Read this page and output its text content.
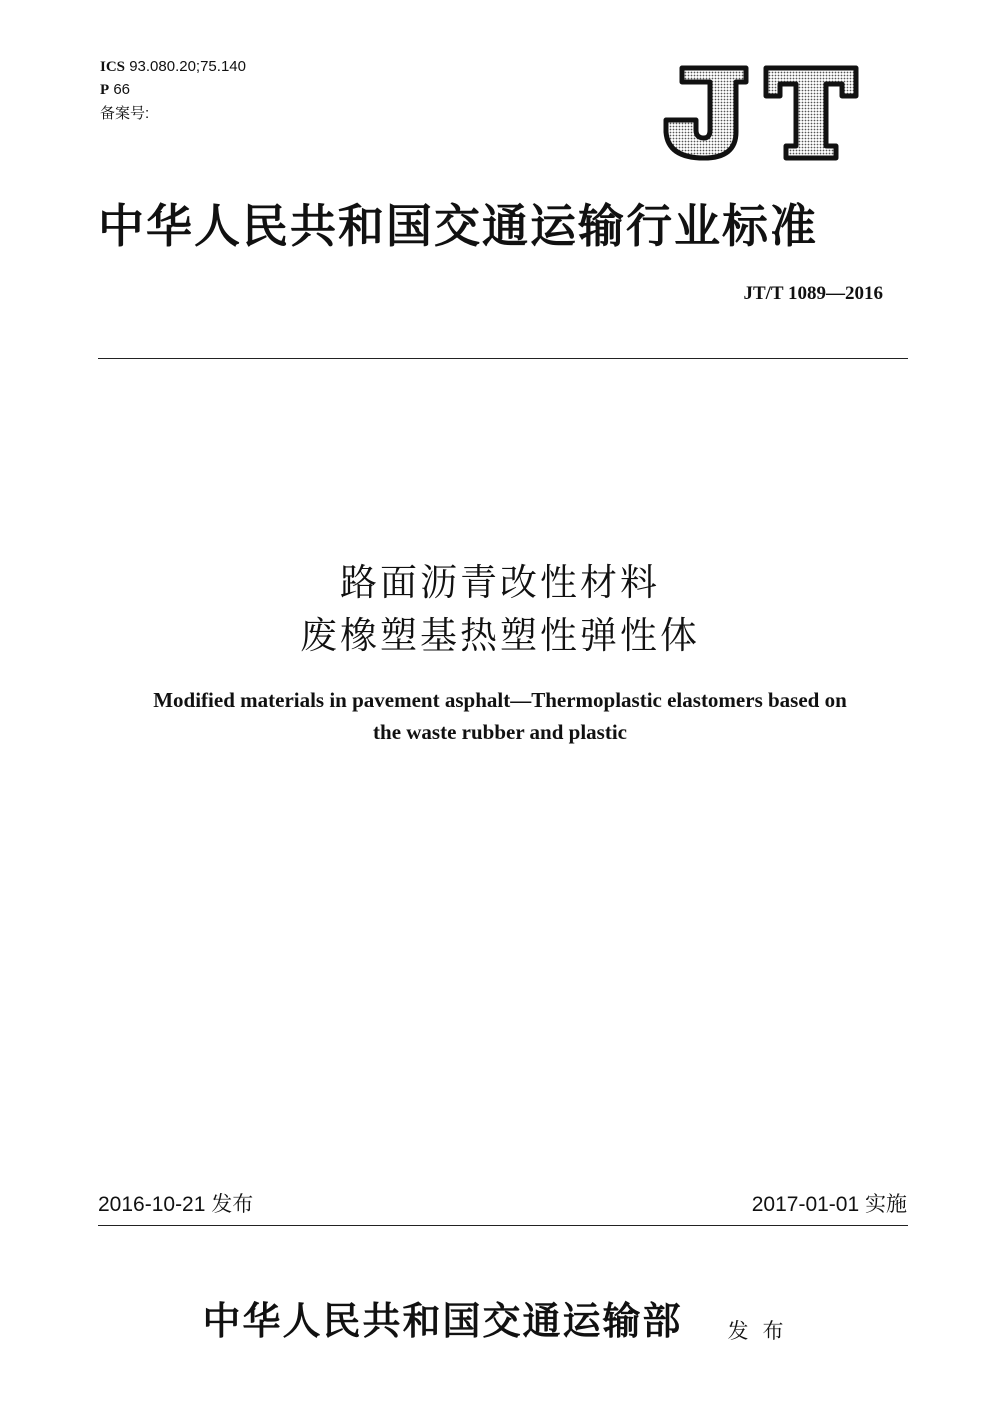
ICS 93.080.20;75.140
P 66
备案号:
JT
中华人民共和国交通运输行业标准
JT/T 1089—2016
路面沥青改性材料
废橡塑基热塑性弹性体
Modified materials in pavement asphalt—Thermoplastic elastomers based on
the waste rubber and plastic
2016-10-21 发布	2017-01-01 实施
中华人民共和国交通运输部 发布
